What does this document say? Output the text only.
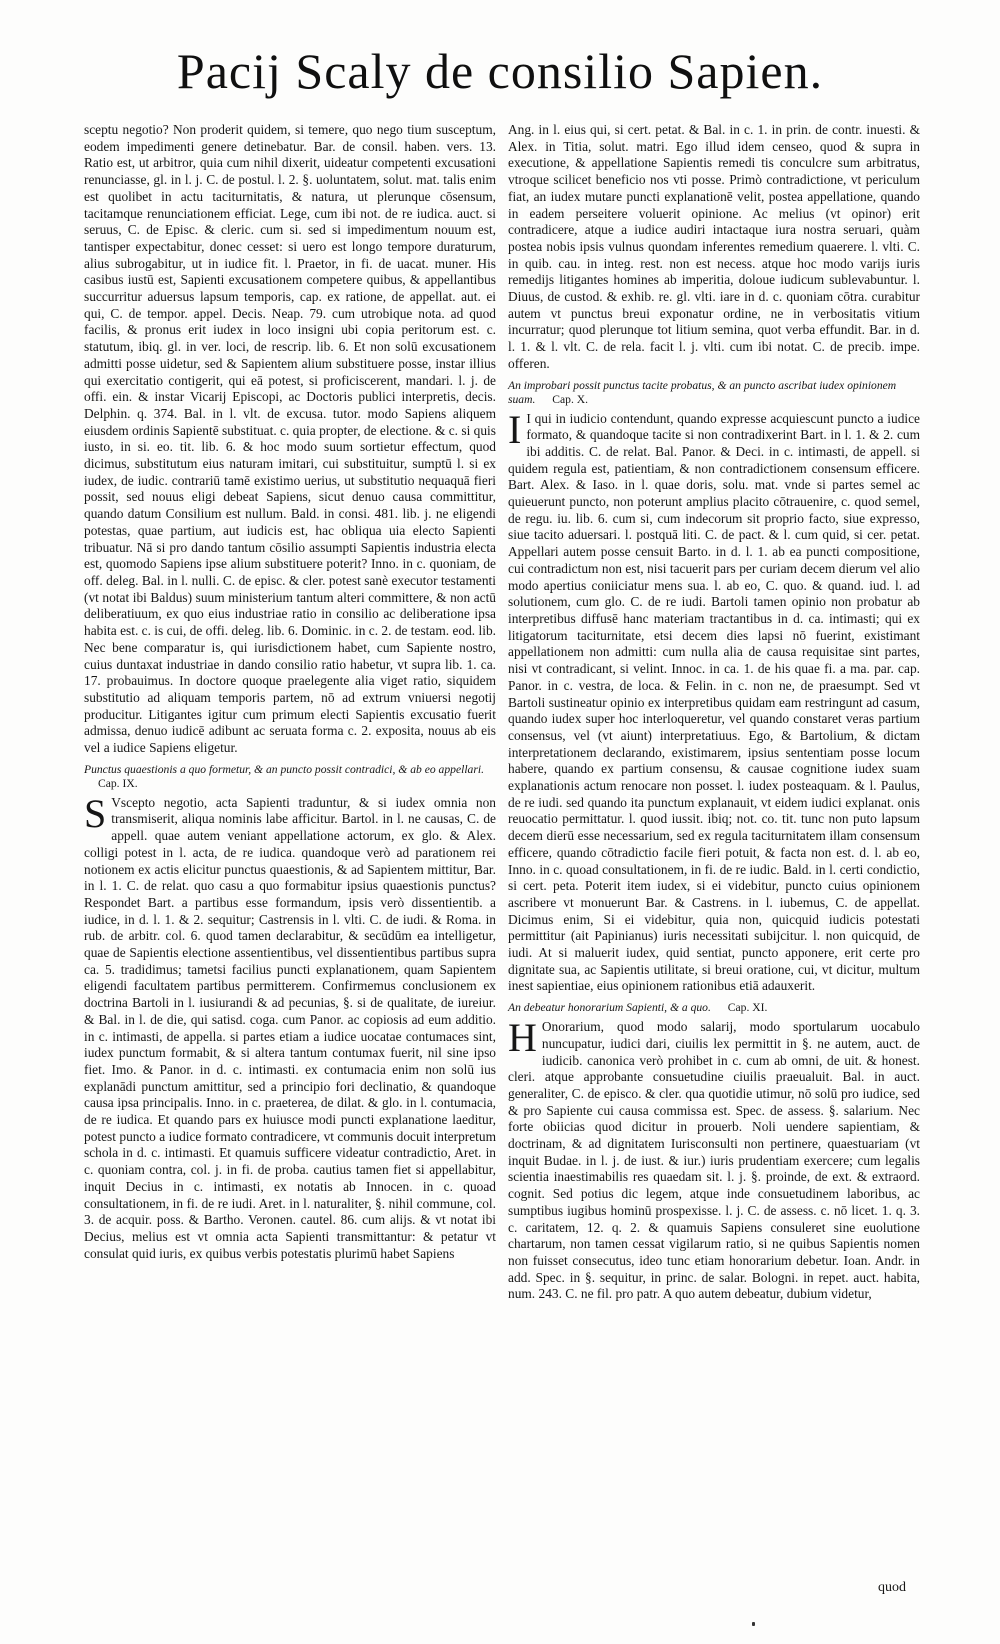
Pacij Scaly de consilio Sapien.

sceptu negotio? Non proderit quidem, si temere, quo nego tium susceptum, eodem impedimenti genere detinebatur. Bar. de consil. haben. vers. 13. Ratio est, ut arbitror, quia cum nihil dixerit, uideatur competenti excusationi renunciasse, gl. in l. j. C. de postul. l. 2. §. uoluntatem, solut. mat. talis enim est quolibet in actu taciturnitatis, & natura, ut plerunque cōsensum, tacitamque renunciationem efficiat. Lege, cum ibi not. de re iudica. auct. si seruus, C. de Episc. & cleric. cum si. sed si impedimentum nouum est, tantisper expectabitur, donec cesset: si uero est longo tempore duraturum, alius subrogabitur, ut in iudice fit. l. Praetor, in fi. de uacat. muner. His casibus iustū est, Sapienti excusationem competere quibus, & appellantibus succurritur aduersus lapsum temporis, cap. ex ratione, de appellat. aut. ei qui, C. de tempor. appel. Decis. Neap. 79. cum utrobique nota. ad quod facilis, & pronus erit iudex in loco insigni ubi copia peritorum est. c. statutum, ibiq. gl. in ver. loci, de rescrip. lib. 6. Et non solū excusationem admitti posse uidetur, sed & Sapientem alium substituere posse, instar illius qui exercitatio contigerit, qui eā potest, si proficiscerent, mandari. l. j. de offi. ein. & instar Vicarij Episcopi, ac Doctoris publici interpretis, decis. Delphin. q. 374. Bal. in l. vlt. de excusa. tutor. modo Sapiens aliquem eiusdem ordinis Sapientē substituat. c. quia propter, de electione. & c. si quis iusto, in si. eo. tit. lib. 6. & hoc modo suum sortietur effectum, quod dicimus, substitutum eius naturam imitari, cui substituitur, sumptū l. si ex iudex, de iudic. contrariū tamē existimo uerius, ut substitutio nequaquā fieri possit, sed nouus eligi debeat Sapiens, sicut denuo causa committitur, quando datum Consilium est nullum. Bald. in consi. 481. lib. j. ne eligendi potestas, quae partium, aut iudicis est, hac obliqua uia electo Sapienti tribuatur. Nā si pro dando tantum cōsilio assumpti Sapientis industria electa est, quomodo Sapiens ipse alium substituere poterit? Inno. in c. quoniam, de off. deleg. Bal. in l. nulli. C. de episc. & cler. potest sanè executor testamenti (vt notat ibi Baldus) suum ministerium tantum alteri committere, & non actū deliberatiuum, ex quo eius industriae ratio in consilio ac deliberatione ipsa habita est. c. is cui, de offi. deleg. lib. 6. Dominic. in c. 2. de testam. eod. lib. Nec bene comparatur is, qui iurisdictionem habet, cum Sapiente nostro, cuius duntaxat industriae in dando consilio ratio habetur, vt supra lib. 1. ca. 17. probauimus. In doctore quoque praelegente alia viget ratio, siquidem substitutio ad aliquam temporis partem, nō ad extrum vniuersi negotij producitur. Litigantes igitur cum primum electi Sapientis excusatio fuerit admissa, denuo iudicē adibunt ac seruata forma c. 2. exposita, nouus ab eis vel a iudice Sapiens eligetur.

Punctus quaestionis a quo formetur, & an puncto possit contradici, & ab eo appellari. Cap. IX.

S Vscepto negotio, acta Sapienti traduntur, & si iudex omnia non transmiserit, aliqua nominis labe afficitur. Bartol. in l. ne causas, C. de appell. quae autem veniant appellatione actorum, ex glo. & Alex. colligi potest in l. acta, de re iudica. quandoque verò ad parationem rei notionem ex actis elicitur punctus quaestionis, & ad Sapientem mittitur, Bar. in l. 1. C. de relat. quo casu a quo formabitur ipsius quaestionis punctus? Respondet Bart. a partibus esse formandum, ipsis verò dissentientib. a iudice, in d. l. 1. & 2. sequitur; Castrensis in l. vlti. C. de iudi. & Roma. in rub. de arbitr. col. 6. quod tamen declarabitur, & secūdūm ea intelligetur, quae de Sapientis electione assentientibus, vel dissentientibus partibus supra ca. 5. tradidimus; tametsi facilius puncti explanationem, quam Sapientem eligendi facultatem partibus permitterem. Confirmemus conclusionem ex doctrina Bartoli in l. iusiurandi & ad pecunias, §. si de qualitate, de iureiur. & Bal. in l. de die, qui satisd. coga. cum Panor. ac copiosis ad eum additio. in c. intimasti, de appella. si partes etiam a iudice uocatae contumaces sint, iudex punctum formabit, & si altera tantum contumax fuerit, nil sine ipso fiet. Imo. & Panor. in d. c. intimasti. ex contumacia enim non solū ius explanādi punctum amittitur, sed a principio fori declinatio, & quandoque causa ipsa principalis. Inno. in c. praeterea, de dilat. & glo. in l. contumacia, de re iudica. Et quando pars ex huiusce modi puncti explanatione laeditur, potest puncto a iudice formato contradicere, vt communis docuit interpretum schola in d. c. intimasti. Et quamuis sufficere videatur contradictio, Aret. in c. quoniam contra, col. j. in fi. de proba. cautius tamen fiet si appellabitur, inquit Decius in c. intimasti, ex notatis ab Innocen. in c. quoad consultationem, in fi. de re iudi. Aret. in l. naturaliter, §. nihil commune, col. 3. de acquir. poss. & Bartho. Veronen. cautel. 86. cum alijs. & vt notat ibi Decius, melius est vt omnia acta Sapienti transmittantur: & petatur vt consulat quid iuris, ex quibus verbis potestatis plurimū habet Sapiens

Ang. in l. eius qui, si cert. petat. & Bal. in c. 1. in prin. de contr. inuesti. & Alex. in Titia, solut. matri. Ego illud idem censeo, quod & supra in executione, & appellatione Sapientis remedi tis conculcre sum arbitratus, vtroque scilicet beneficio nos vti posse. Primò contradictione, vt periculum fiat, an iudex mutare puncti explanationē velit, postea appellatione, quando in eadem perseitere voluerit opinione. Ac melius (vt opinor) erit contradicere, atque a iudice audiri intactaque iura nostra seruari, quàm postea nobis ipsis vulnus quondam inferentes remedium quaerere. l. vlti. C. in quib. cau. in integ. rest. non est necess. atque hoc modo varijs iuris remedijs litigantes homines ab imperitia, doloue iudicum sublevabuntur. l. Diuus, de custod. & exhib. re. gl. vlti. iare in d. c. quoniam cōtra. curabitur autem vt punctus breui exponatur ordine, ne in verbositatis vitium incurratur; quod plerunque tot litium semina, quot verba effundit. Bar. in d. l. 1. & l. vlt. C. de rela. facit l. j. vlti. cum ibi notat. C. de precib. impe. offeren.

An improbari possit punctus tacite probatus, & an puncto ascribat iudex opinionem suam. Cap. X.

I I qui in iudicio contendunt, quando expresse acquiescunt puncto a iudice formato, & quandoque tacite si non contradixerint Bart. in l. 1. & 2. cum ibi additis. C. de relat. Bal. Panor. & Deci. in c. intimasti, de appell. si quidem regula est, patientiam, & non contradictionem consensum efficere. Bart. Alex. & Iaso. in l. quae doris, solu. mat. vnde si partes semel ac quieuerunt puncto, non poterunt amplius placito cōtrauenire, c. quod semel, de regu. iu. lib. 6. cum si, cum indecorum sit proprio facto, siue expresso, siue tacito aduersari. l. postquā liti. C. de pact. & l. cum quid, si cer. petat. Appellari autem posse censuit Barto. in d. l. 1. ab ea puncti compositione, cui contradictum non est, nisi tacuerit pars per curiam decem dierum vel alio modo apertius coniiciatur mens sua. l. ab eo, C. quo. & quand. iud. l. ad solutionem, cum glo. C. de re iudi. Bartoli tamen opinio non probatur ab interpretibus diffusē hanc materiam tractantibus in d. ca. intimasti; qui ex litigatorum taciturnitate, etsi decem dies lapsi nō fuerint, existimant appellationem non admitti: cum nulla alia de causa requisitae sint partes, nisi vt contradicant, si velint. Innoc. in ca. 1. de his quae fi. a ma. par. cap. Panor. in c. vestra, de loca. & Felin. in c. non ne, de praesumpt. Sed vt Bartoli sustineatur opinio ex interpretibus quidam eam restringunt ad casum, quando iudex super hoc interloqueretur, vel quando constaret veras partium consensus, vel (vt aiunt) interpretatiuus. Ego, & Bartolium, & dictam interpretationem declarando, existimarem, ipsius sententiam posse locum habere, quando ex partium consensu, & causae cognitione iudex suam explanationis actum renocare non posset. l. iudex posteaquam. & l. Paulus, de re iudi. sed quando ita punctum explanauit, vt eidem iudici explanat. onis reuocatio permittatur. l. quod iussit. ibiq; not. co. tit. tunc non puto lapsum decem dierū esse necessarium, sed ex regula taciturnitatem illam consensum efficere, quando cōtradictio facile fieri potuit, & facta non est. d. l. ab eo, Inno. in c. quoad consultationem, in fi. de re iudic. Bald. in l. certi condictio, si cert. peta. Poterit item iudex, si ei videbitur, puncto cuius opinionem ascribere vt monuerunt Bar. & Castrens. in l. iubemus, C. de appellat. Dicimus enim, Si ei videbitur, quia non, quicquid iudicis potestati permittitur (ait Papinianus) iuris necessitati subijcitur. l. non quicquid, de iudi. At si maluerit iudex, quid sentiat, puncto apponere, erit certe pro dignitate sua, ac Sapientis utilitate, si breui oratione, cui, vt dicitur, multum inest sapientiae, eius opinionem rationibus etiā adauxerit.

An debeatur honorarium Sapienti, & a quo. Cap. XI.

H Onorarium, quod modo salarij, modo sportularum uocabulo nuncupatur, iudici dari, ciuilis lex permittit in §. ne autem, auct. de iudicib. canonica verò prohibet in c. cum ab omni, de uit. & honest. cleri. atque approbante consuetudine ciuilis praeualuit. Bal. in auct. generaliter, C. de episco. & cler. qua quotidie utimur, nō solū pro iudice, sed & pro Sapiente cui causa commissa est. Spec. de assess. §. salarium. Nec forte obiicias quod dicitur in prouerb. Noli uendere sapientiam, & doctrinam, & ad dignitatem Iurisconsulti non pertinere, quaestuariam (vt inquit Budae. in l. j. de iust. & iur.) iuris prudentiam exercere; cum legalis scientia inaestimabilis res quaedam sit. l. j. §. proinde, de ext. & extraord. cognit. Sed potius dic legem, atque inde consuetudinem laboribus, ac sumptibus iugibus hominū prospexisse. l. j. C. de assess. c. nō licet. 1. q. 3. c. caritatem, 12. q. 2. & quamuis Sapiens consuleret sine euolutione chartarum, non tamen cessat vigilarum ratio, si ne quibus Sapientis nomen non fuisset consecutus, ideo tunc etiam honorarium debetur. Ioan. Andr. in add. Spec. in §. sequitur, in princ. de salar. Bologni. in repet. auct. habita, num. 243. C. ne fil. pro patr. A quo autem debeatur, dubium videtur,

quod
